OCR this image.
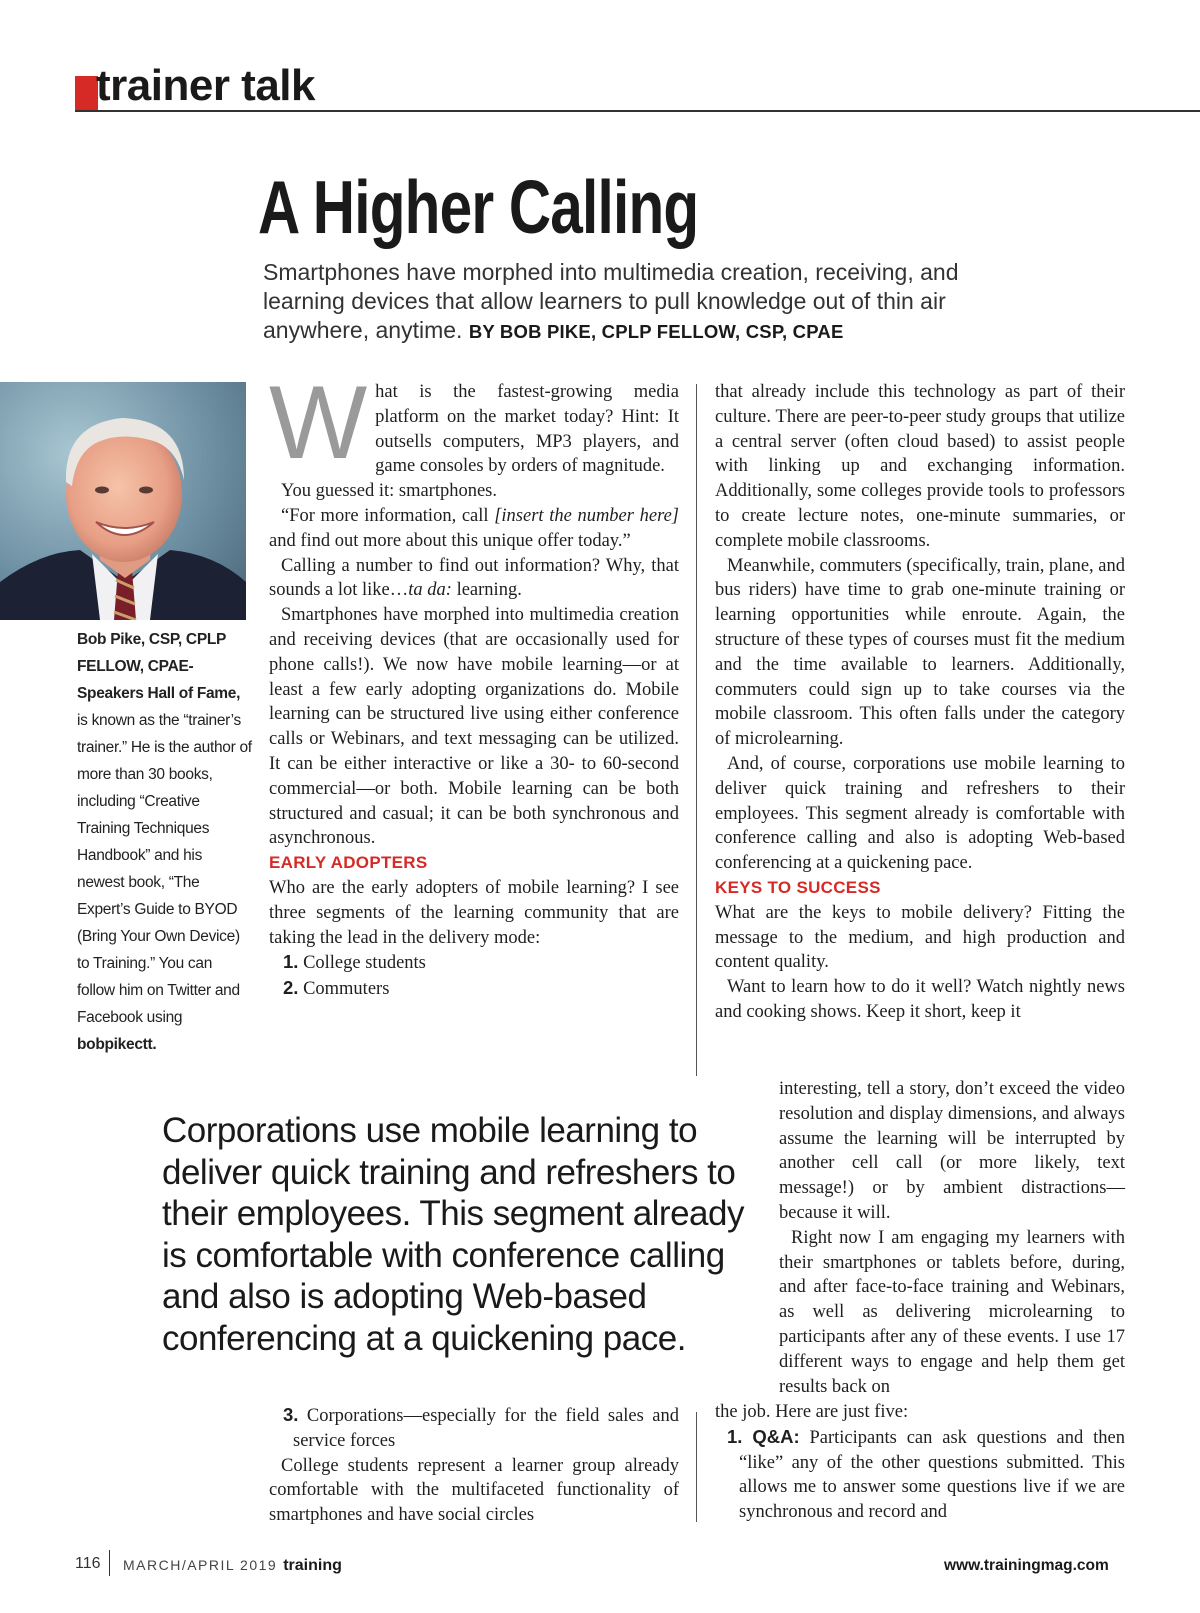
trainer talk
A Higher Calling
Smartphones have morphed into multimedia creation, receiving, and learning devices that allow learners to pull knowledge out of thin air anywhere, anytime. BY BOB PIKE, CPLP FELLOW, CSP, CPAE
Bob Pike, CSP, CPLP FELLOW, CPAE-Speakers Hall of Fame, is known as the “trainer’s trainer.” He is the author of more than 30 books, including “Creative Training Techniques Handbook” and his newest book, “The Expert’s Guide to BYOD (Bring Your Own Device) to Training.” You can follow him on Twitter and Facebook using bobpikectt.

What is the fastest-growing media platform on the market today? Hint: It outsells computers, MP3 players, and game consoles by orders of magnitude.

You guessed it: smartphones.

“For more information, call [insert the number here] and find out more about this unique offer today.”

Calling a number to find out information? Why, that sounds a lot like…ta da: learning.

Smartphones have morphed into multimedia creation and receiving devices (that are occasionally used for phone calls!). We now have mobile learning—or at least a few early adopting organizations do. Mobile learning can be structured live using either conference calls or Webinars, and text messaging can be utilized. It can be either interactive or like a 30- to 60-second commercial—or both. Mobile learning can be both structured and casual; it can be both synchronous and asynchronous.

EARLY ADOPTERS

Who are the early adopters of mobile learning? I see three segments of the learning community that are taking the lead in the delivery mode:

1. College students

2. Commuters

that already include this technology as part of their culture. There are peer-to-peer study groups that utilize a central server (often cloud based) to assist people with linking up and exchanging information. Additionally, some colleges provide tools to professors to create lecture notes, one-minute summaries, or complete mobile classrooms.

Meanwhile, commuters (specifically, train, plane, and bus riders) have time to grab one-minute training or learning opportunities while enroute. Again, the structure of these types of courses must fit the medium and the time available to learners. Additionally, commuters could sign up to take courses via the mobile classroom. This often falls under the category of microlearning.

And, of course, corporations use mobile learning to deliver quick training and refreshers to their employees. This segment already is comfortable with conference calling and also is adopting Web-based conferencing at a quickening pace.

KEYS TO SUCCESS

What are the keys to mobile delivery? Fitting the message to the medium, and high production and content quality.

Want to learn how to do it well? Watch nightly news and cooking shows. Keep it short, keep it

interesting, tell a story, don’t exceed the video resolution and display dimensions, and always assume the learning will be interrupted by another cell call (or more likely, text message!) or by ambient distractions—because it will.

Right now I am engaging my learners with their smartphones or tablets before, during, and after face-to-face training and Webinars, as well as delivering microlearning to participants after any of these events. I use 17 different ways to engage and help them get results back on

the job. Here are just five:

1. Q&A: Participants can ask questions and then “like” any of the other questions submitted. This allows me to answer some questions live if we are synchronous and record and

Corporations use mobile learning to deliver quick training and refreshers to their employees. This segment already is comfortable with conference calling and also is adopting Web-based conferencing at a quickening pace.

3. Corporations—especially for the field sales and service forces

College students represent a learner group already comfortable with the multifaceted functionality of smartphones and have social circles

116 MARCH/APRIL 2019 training	www.trainingmag.com
